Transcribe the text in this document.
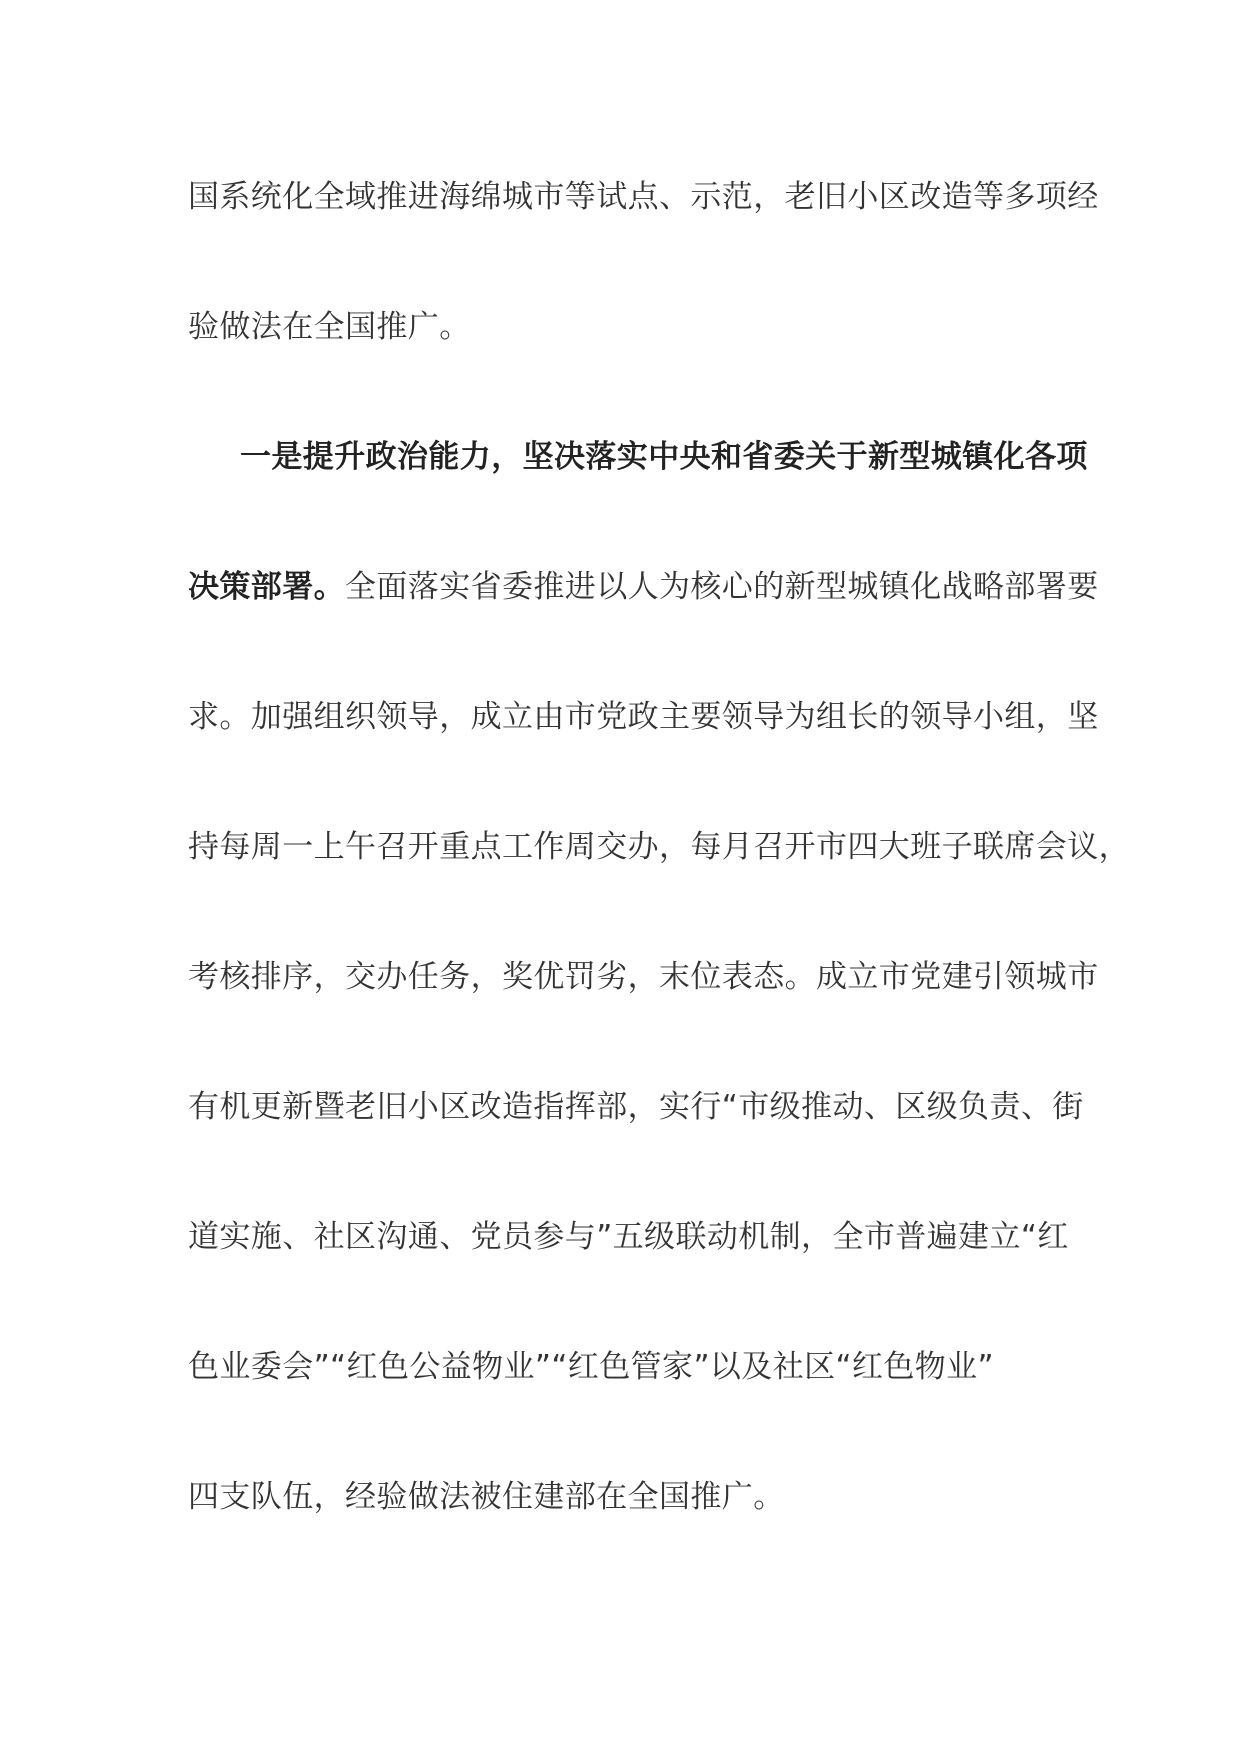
国系统化全域推进海绵城市等试点、示范，老旧小区改造等多项经
验做法在全国推广。
一是提升政治能力，坚决落实中央和省委关于新型城镇化各项
决策部署。全面落实省委推进以人为核心的新型城镇化战略部署要
求。加强组织领导，成立由市党政主要领导为组长的领导小组，坚
持每周一上午召开重点工作周交办，每月召开市四大班子联席会议，
考核排序，交办任务，奖优罚劣，末位表态。成立市党建引领城市
有机更新暨老旧小区改造指挥部，实行“市级推动、区级负责、街
道实施、社区沟通、党员参与”五级联动机制，全市普遍建立“红
色业委会”“红色公益物业”“红色管家”以及社区“红色物业”
四支队伍，经验做法被住建部在全国推广。
